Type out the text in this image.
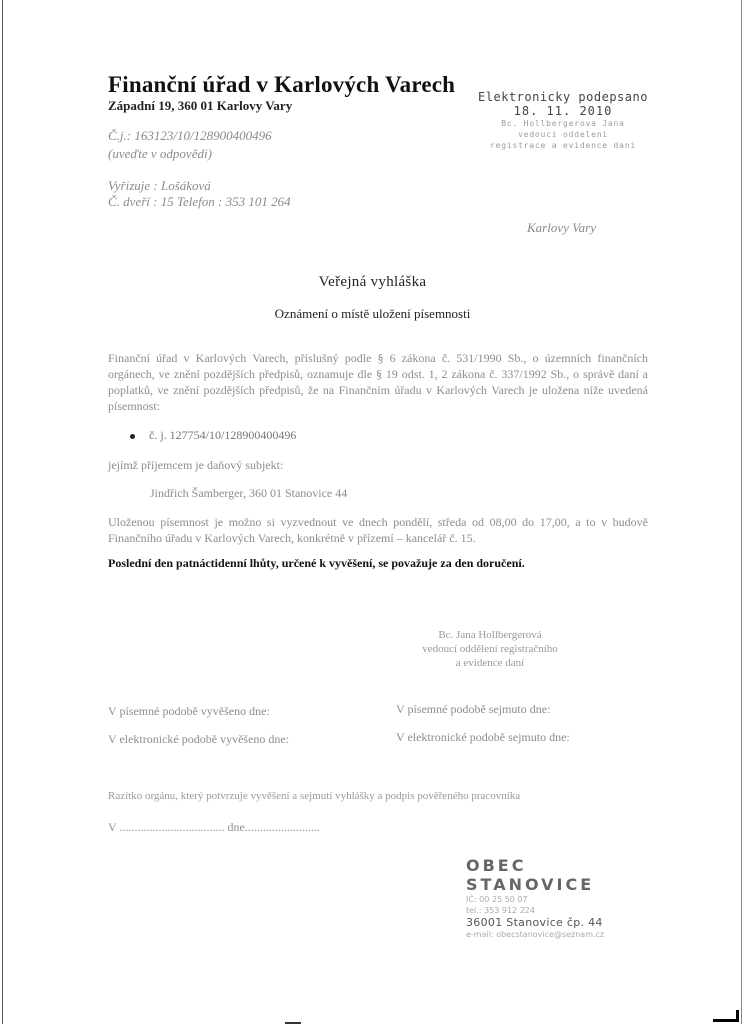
Finanční úřad v Karlových Varech
Západní 19, 360 01 Karlovy Vary
Č.j.: 163123/10/128900400496
(uveďte v odpovědi)
Vyřizuje : Lošáková
Č. dveří : 15 Telefon : 353 101 264
Elektronicky podepsano
18. 11. 2010
Bc. Hollbergerova Jana
vedouci oddeleni
registrace a evidence dani
Karlovy Vary
Veřejná vyhláška
Oznámení o místě uložení písemnosti
Finanční úřad v Karlových Varech, příslušný podle § 6 zákona č. 531/1990 Sb., o územních finančních orgánech, ve znění pozdějších předpisů, oznamuje dle § 19 odst. 1, 2 zákona č. 337/1992 Sb., o správě daní a poplatků, ve znění pozdějších předpisů, že na Finančním úřadu v Karlových Varech je uložena níže uvedená písemnost:
č. j. 127754/10/128900400496
jejímž příjemcem je daňový subjekt:
Jindřich Šamberger, 360 01 Stanovice 44
Uloženou písemnost je možno si vyzvednout ve dnech pondělí, středa od 08,00 do 17,00, a to v budově Finančního úřadu v Karlových Varech, konkrétně v přízemí – kancelář č. 15.
Poslední den patnáctidenní lhůty, určené k vyvěšení, se považuje za den doručení.
Bc. Jana Hollbergerová
vedoucí oddělení registračního
a evidence daní
V písemné podobě vyvěšeno dne:	V písemné podobě sejmuto dne:
V elektronické podobě vyvěšeno dne:	V elektronické podobě sejmuto dne:
Razítko orgánu, který potvrzuje vyvěšení a sejmutí vyhlášky a podpis pověřeného pracovníka
V ................................... dne.........................
OBEC STANOVICE
IČ: 00 25 50 07
tel.: 353 912 224
36001 Stanovice čp. 44
e-mail: obecstanovice@seznam.cz
